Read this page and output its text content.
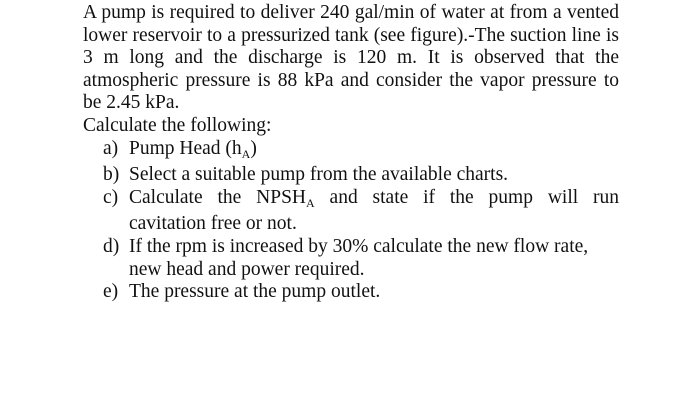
A pump is required to deliver 240 gal/min of water at from a vented lower reservoir to a pressurized tank (see figure).-The suction line is 3 m long and the discharge is 120 m. It is observed that the atmospheric pressure is 88 kPa and consider the vapor pressure to be 2.45 kPa.

Calculate the following:

a) Pump Head $(h_A)$
b) Select a suitable pump from the available charts.
c) Calculate the $NPSH_A$ and state if the pump will run
cavitation free or not.
d) If the rpm is increased by 30% calculate the new flow rate,
new head and power required.
e) The pressure at the pump outlet.
